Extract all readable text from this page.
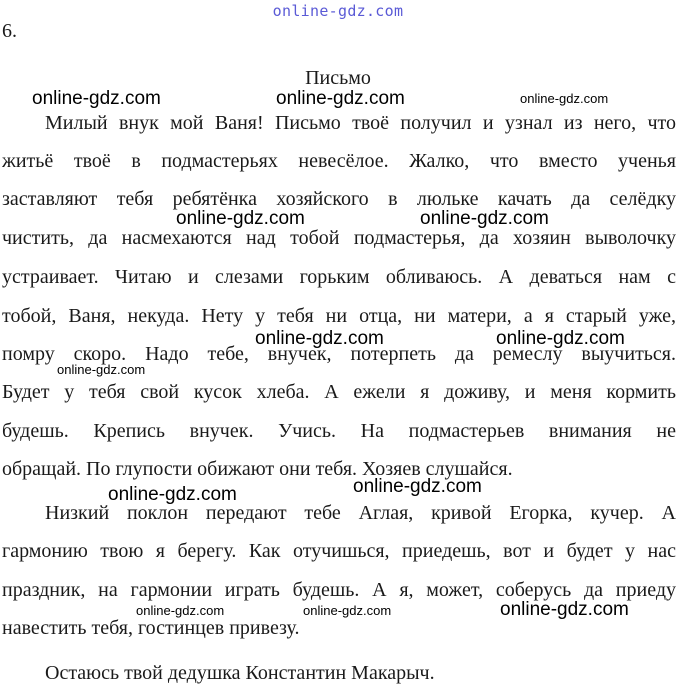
online-gdz.com
6.
Письмо
Милый внук мой Ваня! Письмо твоё получил и узнал из него, что
житьё твоё в подмастерьях невесёлое. Жалко, что вместо ученья
заставляют тебя ребятёнка хозяйского в люльке качать да селёдку
чистить, да насмехаются над тобой подмастерья, да хозяин выволочку
устраивает. Читаю и слезами горьким обливаюсь. А деваться нам с
тобой, Ваня, некуда. Нету у тебя ни отца, ни матери, а я старый уже,
помру скоро. Надо тебе, внучек, потерпеть да ремеслу выучиться.
Будет у тебя свой кусок хлеба. А ежели я доживу, и меня кормить
будешь. Крепись внучек. Учись. На подмастерьев внимания не
обращай. По глупости обижают они тебя. Хозяев слушайся.
Низкий поклон передают тебе Аглая, кривой Егорка, кучер. А
гармонию твою я берегу. Как отучишься, приедешь, вот и будет у нас
праздник, на гармонии играть будешь. А я, может, соберусь да приеду
навестить тебя, гостинцев привезу.
Остаюсь твой дедушка Константин Макарыч.
online-gdz.com	online-gdz.com	online-gdz.com
online-gdz.com	online-gdz.com
online-gdz.com	online-gdz.com
online-gdz.com
online-gdz.com	online-gdz.com
online-gdz.com	online-gdz.com	online-gdz.com
